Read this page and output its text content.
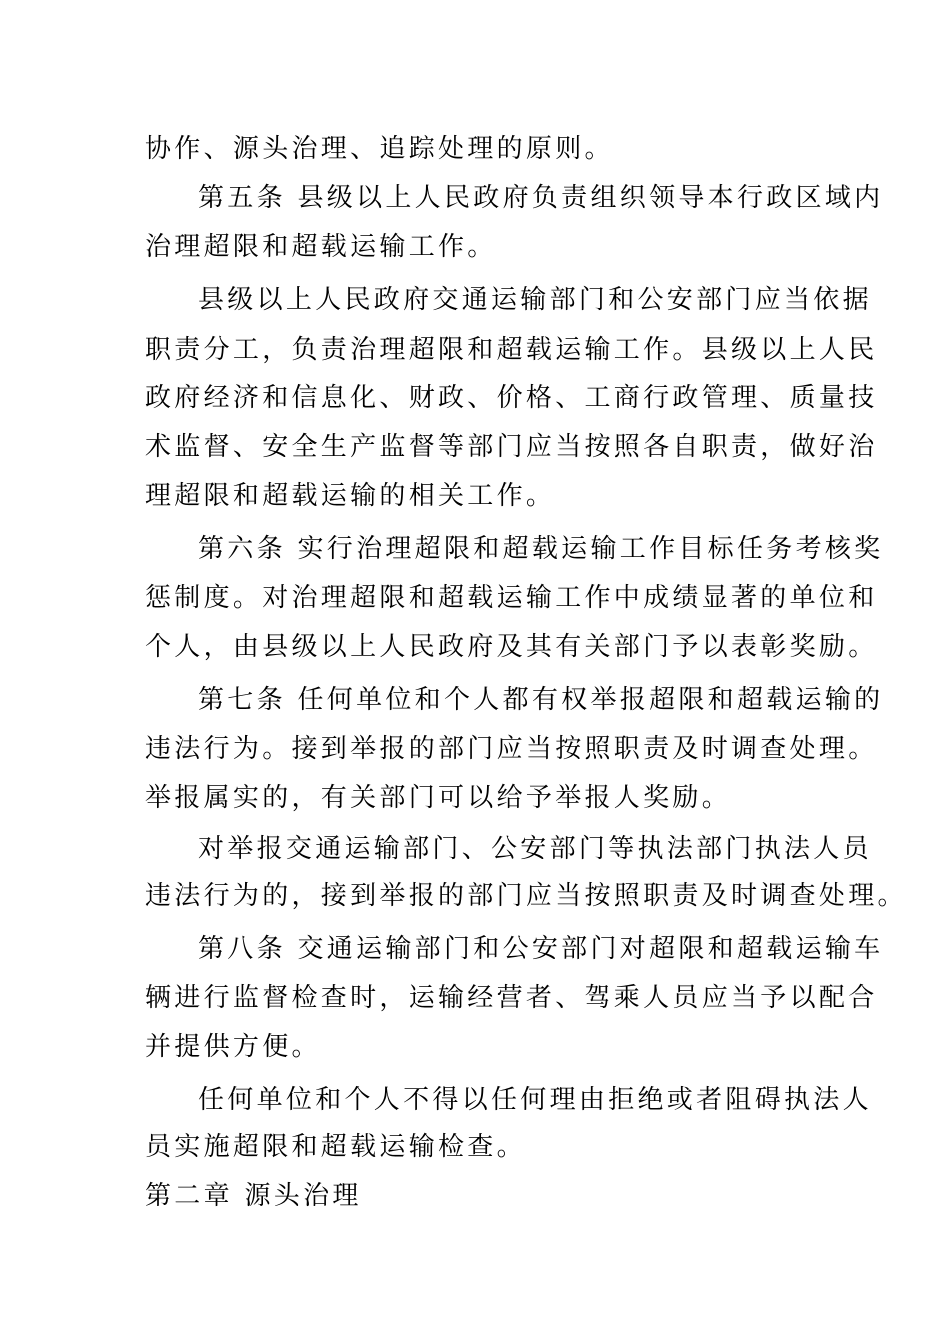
协作、源头治理、追踪处理的原则。
第五条 县级以上人民政府负责组织领导本行政区域内
治理超限和超载运输工作。
县级以上人民政府交通运输部门和公安部门应当依据
职责分工，负责治理超限和超载运输工作。县级以上人民
政府经济和信息化、财政、价格、工商行政管理、质量技
术监督、安全生产监督等部门应当按照各自职责，做好治
理超限和超载运输的相关工作。
第六条 实行治理超限和超载运输工作目标任务考核奖
惩制度。对治理超限和超载运输工作中成绩显著的单位和
个人，由县级以上人民政府及其有关部门予以表彰奖励。
第七条 任何单位和个人都有权举报超限和超载运输的
违法行为。接到举报的部门应当按照职责及时调查处理。
举报属实的，有关部门可以给予举报人奖励。
对举报交通运输部门、公安部门等执法部门执法人员
违法行为的，接到举报的部门应当按照职责及时调查处理。
第八条 交通运输部门和公安部门对超限和超载运输车
辆进行监督检查时，运输经营者、驾乘人员应当予以配合
并提供方便。
任何单位和个人不得以任何理由拒绝或者阻碍执法人
员实施超限和超载运输检查。
第二章 源头治理
